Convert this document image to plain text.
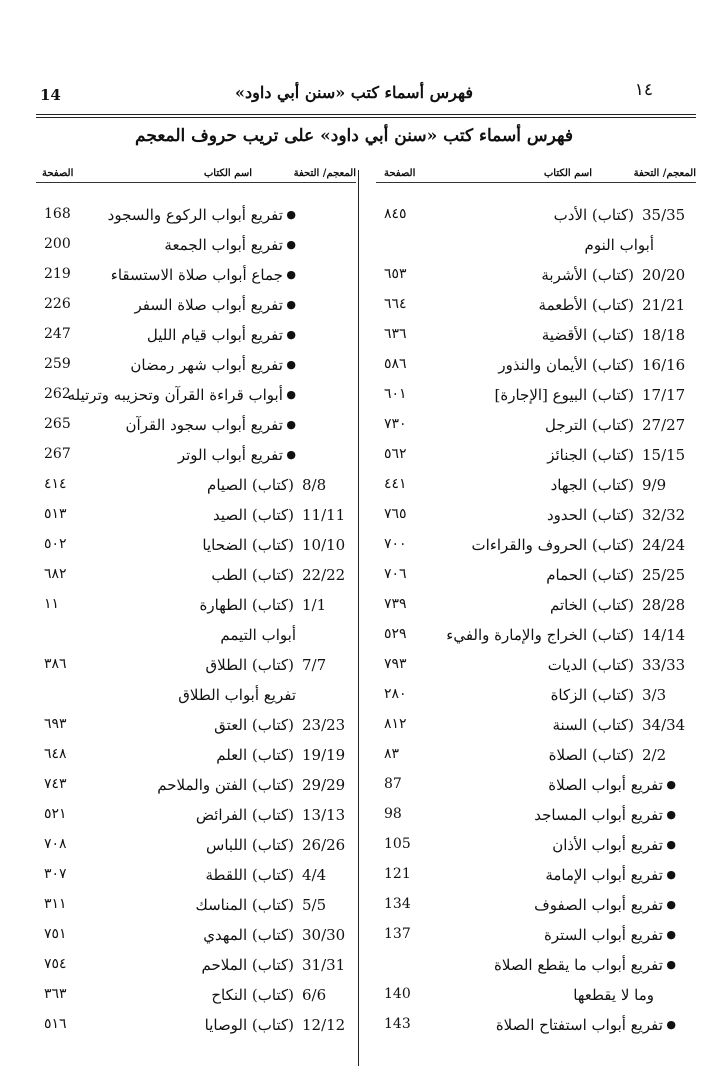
14	فهرس أسماء كتب «سنن أبي داود»	١٤
فهرس أسماء كتب «سنن أبي داود» على تريب حروف المعجم
المعجم/ التحفة
اسم الكتاب
الصفحة
35/35
(كتاب) الأدب
٨٤٥
أبواب النوم
20/20
(كتاب) الأشربة
٦٥٣
21/21
(كتاب) الأطعمة
٦٦٤
18/18
(كتاب) الأقضية
٦٣٦
16/16
(كتاب) الأيمان والنذور
٥٨٦
17/17
(كتاب) البيوع [الإجارة]
٦٠١
27/27
(كتاب) الترجل
٧٣٠
15/15
(كتاب) الجنائز
٥٦٢
9/9
(كتاب) الجهاد
٤٤١
32/32
(كتاب) الحدود
٧٦٥
24/24
(كتاب) الحروف والقراءات
٧٠٠
25/25
(كتاب) الحمام
٧٠٦
28/28
(كتاب) الخاتم
٧٣٩
14/14
(كتاب) الخراج والإمارة والفيء
٥٢٩
33/33
(كتاب) الديات
٧٩٣
3/3
(كتاب) الزكاة
٢٨٠
34/34
(كتاب) السنة
٨١٢
2/2
(كتاب) الصلاة
٨٣
● تفريع أبواب الصلاة
87
● تفريع أبواب المساجد
98
● تفريع أبواب الأذان
105
● تفريع أبواب الإمامة
121
● تفريع أبواب الصفوف
134
● تفريع أبواب السترة
137
● تفريع أبواب ما يقطع الصلاة
وما لا يقطعها
140
● تفريع أبواب استفتاح الصلاة
143
المعجم/ التحفة
اسم الكتاب
الصفحة
● تفريع أبواب الركوع والسجود
168
● تفريع أبواب الجمعة
200
● جماع أبواب صلاة الاستسقاء
219
● تفريع أبواب صلاة السفر
226
● تفريع أبواب قيام الليل
247
● تفريع أبواب شهر رمضان
259
● أبواب قراءة القرآن وتحزيبه وترتيله
262
● تفريع أبواب سجود القرآن
265
● تفريع أبواب الوتر
267
8/8
(كتاب) الصيام
٤١٤
11/11
(كتاب) الصيد
٥١٣
10/10
(كتاب) الضحايا
٥٠٢
22/22
(كتاب) الطب
٦٨٢
1/1
(كتاب) الطهارة
١١
أبواب التيمم
7/7
(كتاب) الطلاق
٣٨٦
تفريع أبواب الطلاق
23/23
(كتاب) العتق
٦٩٣
19/19
(كتاب) العلم
٦٤٨
29/29
(كتاب) الفتن والملاحم
٧٤٣
13/13
(كتاب) الفرائض
٥٢١
26/26
(كتاب) اللباس
٧٠٨
4/4
(كتاب) اللقطة
٣٠٧
5/5
(كتاب) المناسك
٣١١
30/30
(كتاب) المهدي
٧٥١
31/31
(كتاب) الملاحم
٧٥٤
6/6
(كتاب) النكاح
٣٦٣
12/12
(كتاب) الوصايا
٥١٦
